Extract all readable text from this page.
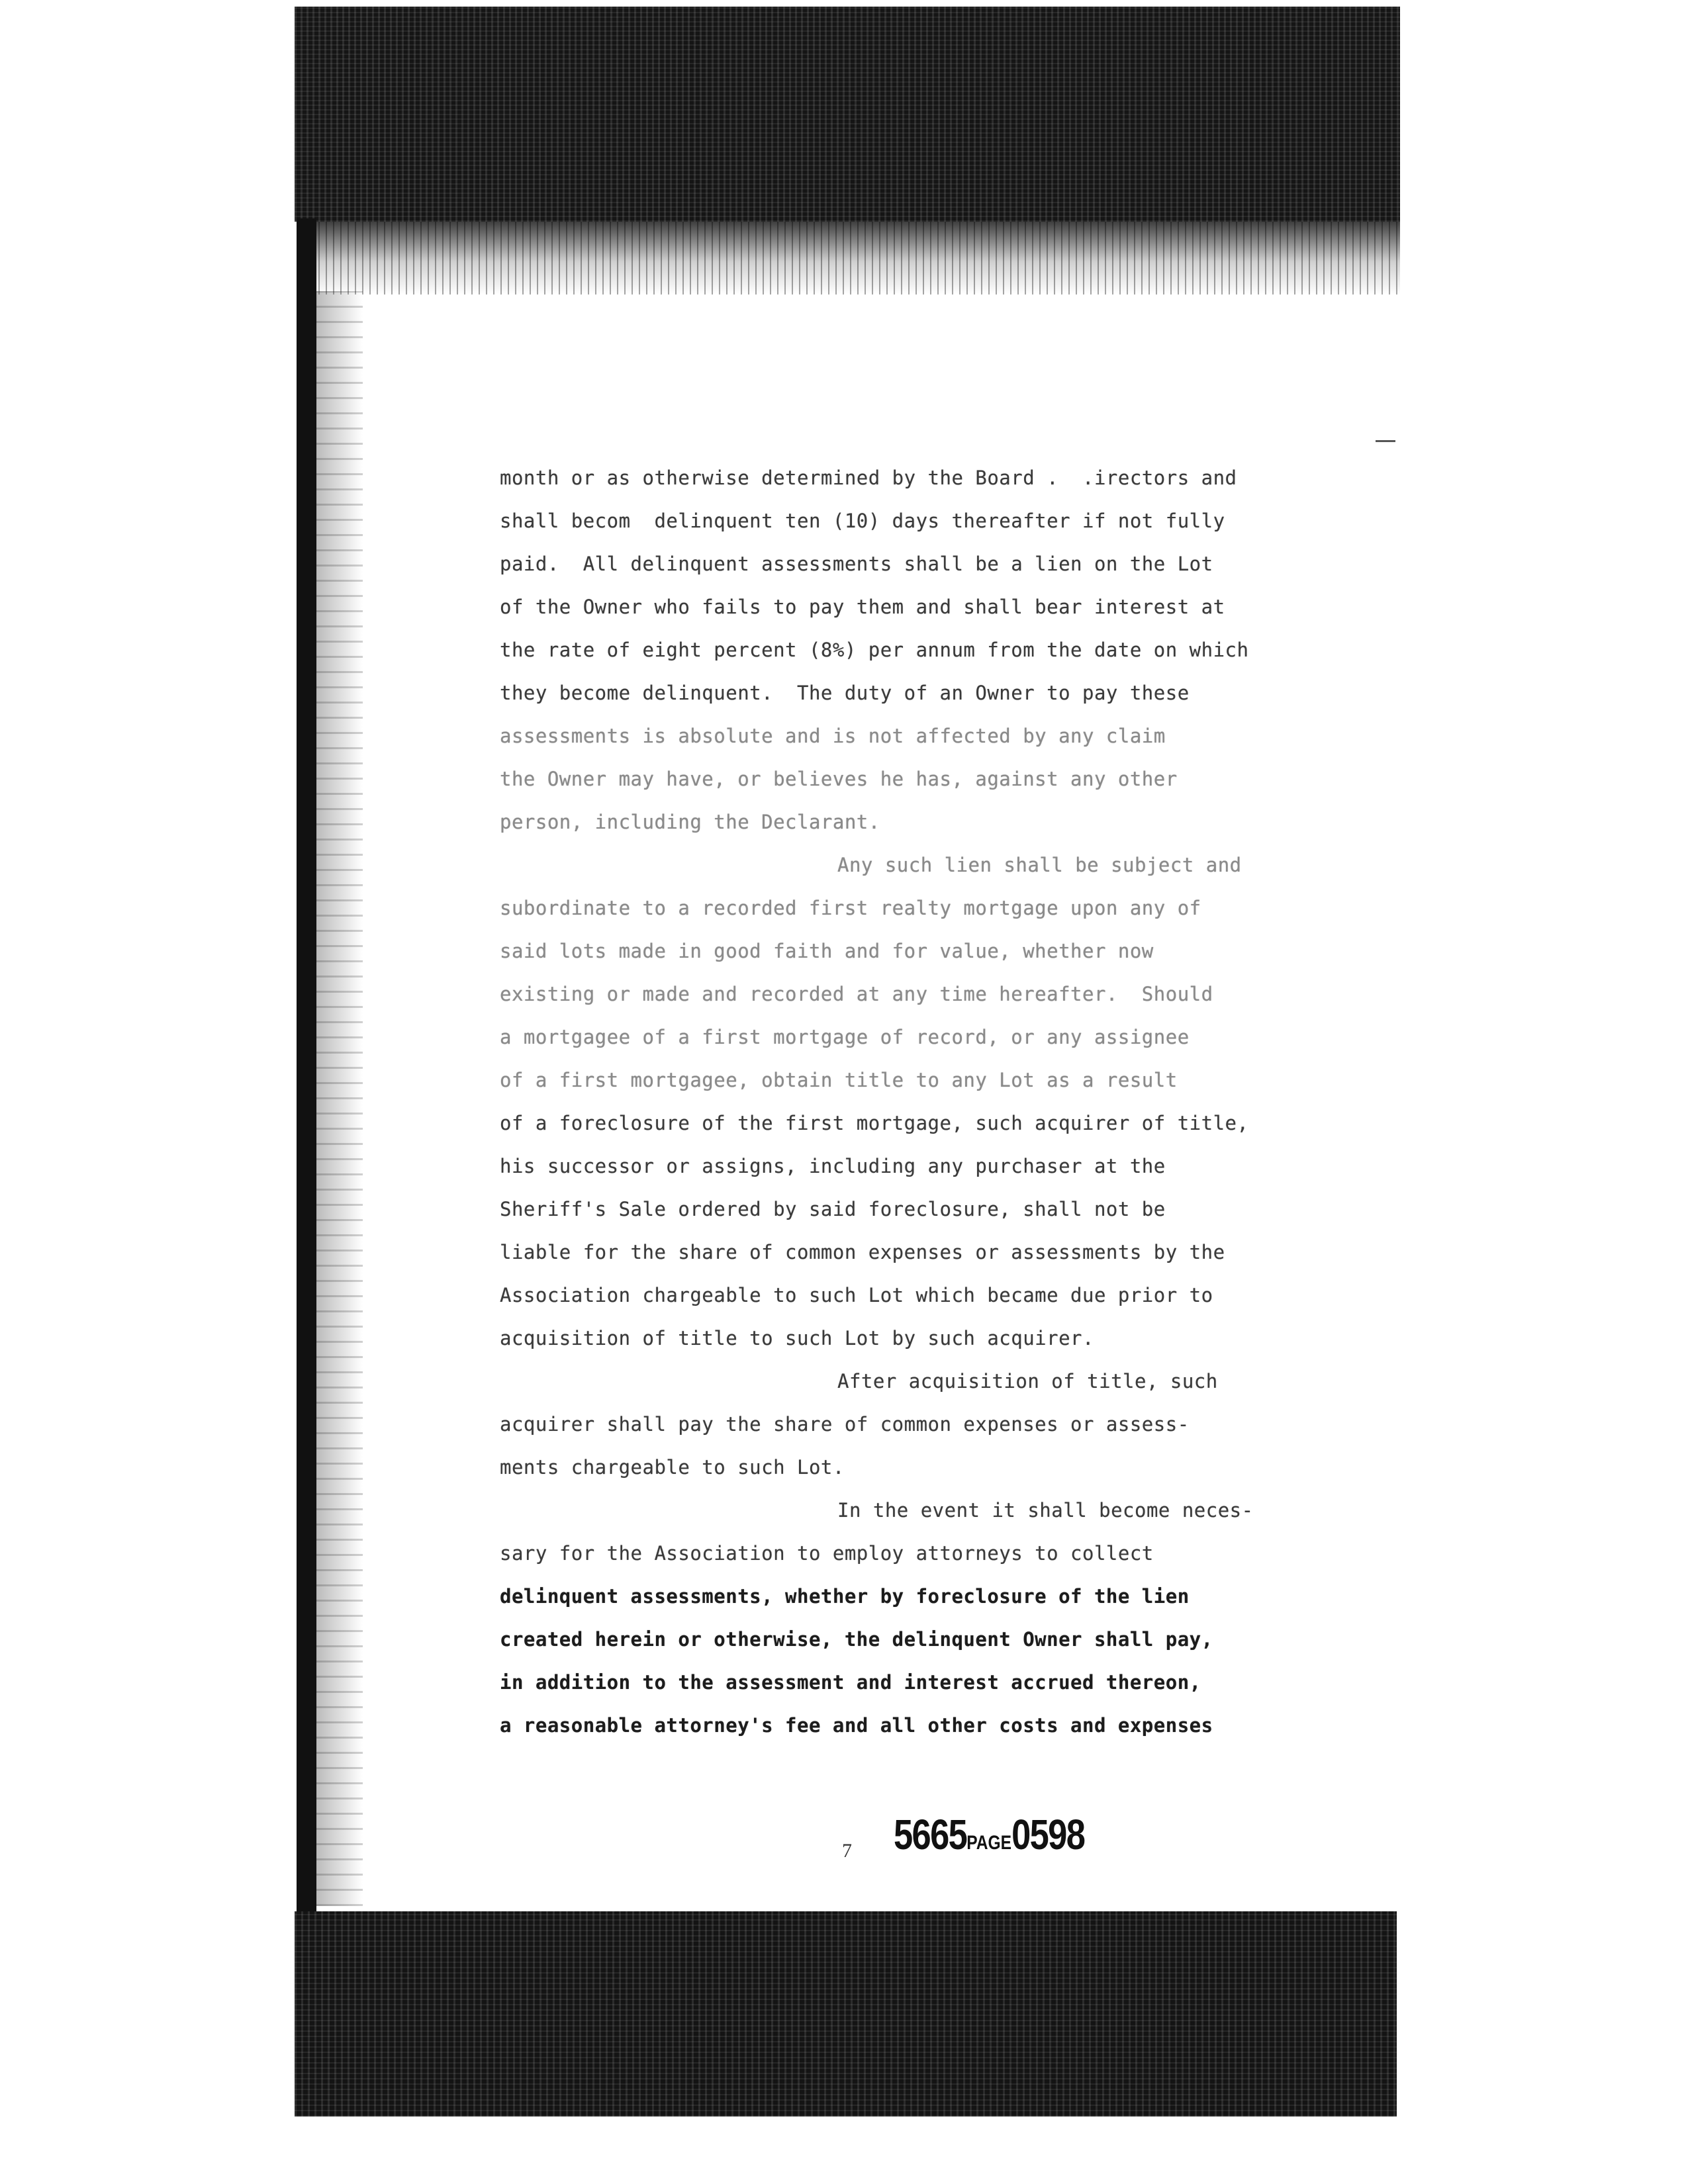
month or as otherwise determined by the Board .  .irectors and
shall becom  delinquent ten (10) days thereafter if not fully
paid.  All delinquent assessments shall be a lien on the Lot
of the Owner who fails to pay them and shall bear interest at
the rate of eight percent (8%) per annum from the date on which
they become delinquent.  The duty of an Owner to pay these
assessments is absolute and is not affected by any claim
the Owner may have, or believes he has, against any other
person, including the Declarant.
Any such lien shall be subject and
subordinate to a recorded first realty mortgage upon any of
said lots made in good faith and for value, whether now
existing or made and recorded at any time hereafter.  Should
a mortgagee of a first mortgage of record, or any assignee
of a first mortgagee, obtain title to any Lot as a result
of a foreclosure of the first mortgage, such acquirer of title,
his successor or assigns, including any purchaser at the
Sheriff's Sale ordered by said foreclosure, shall not be
liable for the share of common expenses or assessments by the
Association chargeable to such Lot which became due prior to
acquisition of title to such Lot by such acquirer.
After acquisition of title, such
acquirer shall pay the share of common expenses or assess-
ments chargeable to such Lot.
In the event it shall become neces-
sary for the Association to employ attorneys to collect
delinquent assessments, whether by foreclosure of the lien
created herein or otherwise, the delinquent Owner shall pay,
in addition to the assessment and interest accrued thereon,
a reasonable attorney's fee and all other costs and expenses
7 5665PAGE0598
